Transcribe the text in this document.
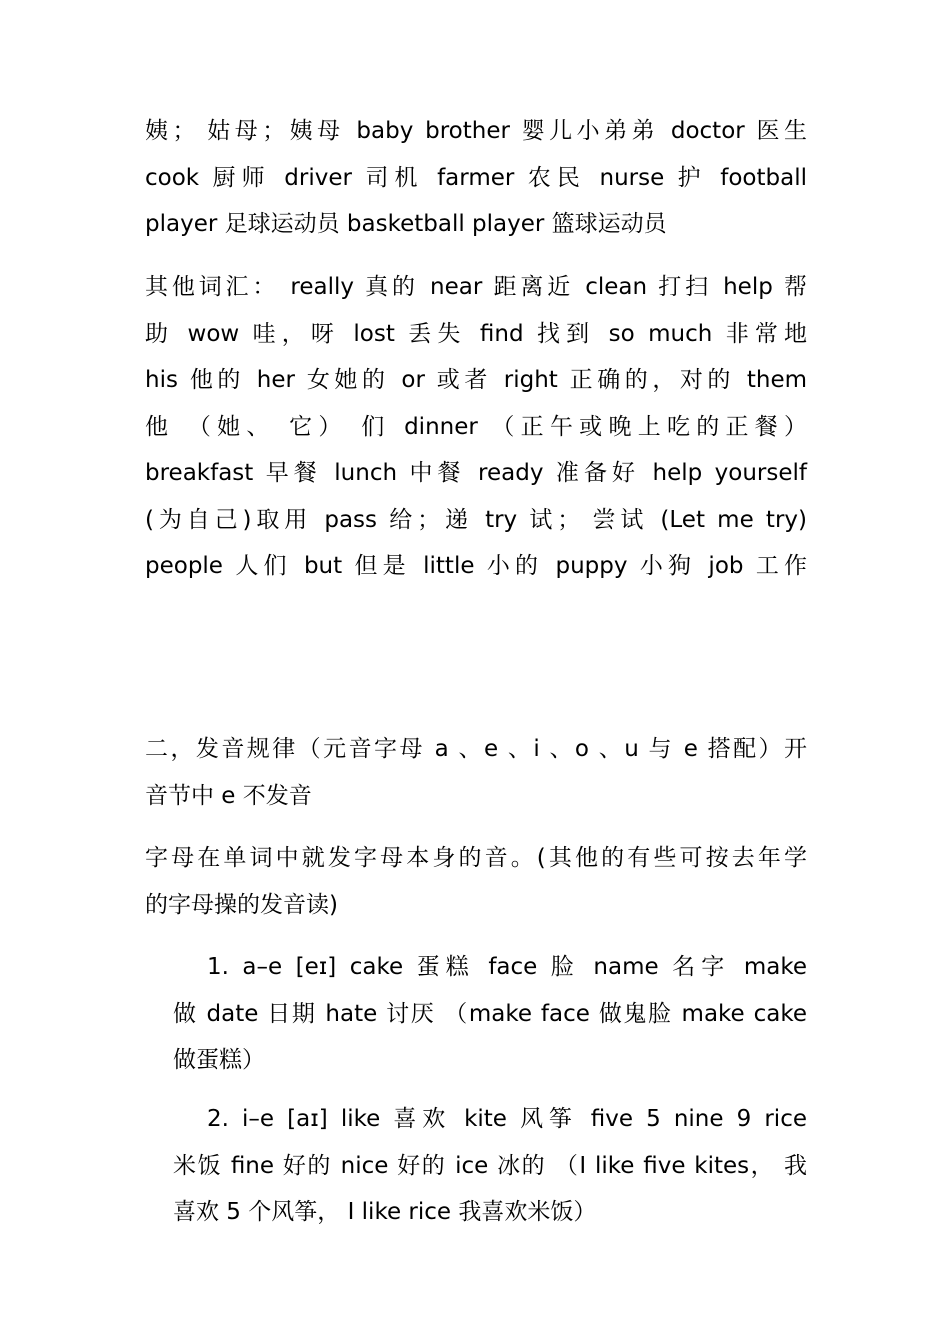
姨； 姑母；姨母 baby brother 婴儿小弟弟 doctor 医生
cook 厨师 driver 司机 farmer 农民 nurse 护 football
player 足球运动员 basketball player 篮球运动员

其他词汇： really 真的 near 距离近 clean 打扫 help 帮
助 wow 哇，呀 lost 丢失 find 找到 so much 非常地
his 他的 her 女她的 or 或者 right 正确的，对的 them
他 （她、 它） 们 dinner （正午或晚上吃的正餐）
breakfast 早餐 lunch 中餐 ready 准备好 help yourself
(为自己)取用 pass 给；递 try 试； 尝试 (Let me try)
people 人们 but 但是 little 小的 puppy 小狗 job 工作

二，发音规律（元音字母 a 、e 、i 、o 、u 与 e 搭配）开
音节中 e 不发音

字母在单词中就发字母本身的音。(其他的有些可按去年学
的字母操的发音读)

1. a–e [eɪ] cake 蛋糕 face 脸 name 名字 make
做 date 日期 hate 讨厌 （make face 做鬼脸 make cake
做蛋糕）

2. i–e [aɪ] like 喜欢 kite 风筝 five 5 nine 9 rice
米饭 fine 好的 nice 好的 ice 冰的 （I like five kites， 我
喜欢 5 个风筝， I like rice 我喜欢米饭）
